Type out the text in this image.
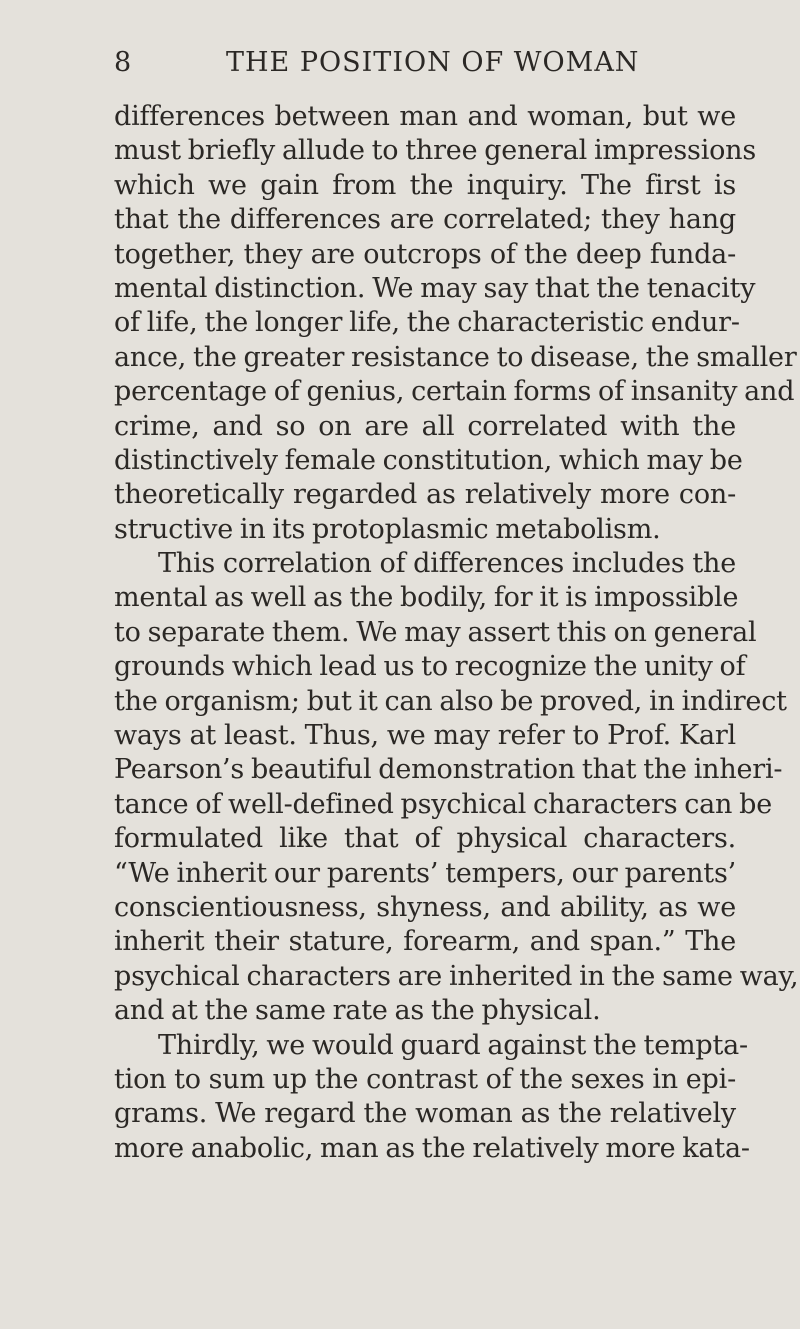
8	THE POSITION OF WOMAN
differences between man and woman, but we
must briefly allude to three general impressions
which we gain from the inquiry. The first is
that the differences are correlated; they hang
together, they are outcrops of the deep funda-
mental distinction. We may say that the tenacity
of life, the longer life, the characteristic endur-
ance, the greater resistance to disease, the smaller
percentage of genius, certain forms of insanity and
crime, and so on are all correlated with the
distinctively female constitution, which may be
theoretically regarded as relatively more con-
structive in its protoplasmic metabolism.
This correlation of differences includes the
mental as well as the bodily, for it is impossible
to separate them. We may assert this on general
grounds which lead us to recognize the unity of
the organism; but it can also be proved, in indirect
ways at least. Thus, we may refer to Prof. Karl
Pearson’s beautiful demonstration that the inheri-
tance of well-defined psychical characters can be
formulated like that of physical characters.
“We inherit our parents’ tempers, our parents’
conscientiousness, shyness, and ability, as we
inherit their stature, forearm, and span.” The
psychical characters are inherited in the same way,
and at the same rate as the physical.
Thirdly, we would guard against the tempta-
tion to sum up the contrast of the sexes in epi-
grams. We regard the woman as the relatively
more anabolic, man as the relatively more kata-
